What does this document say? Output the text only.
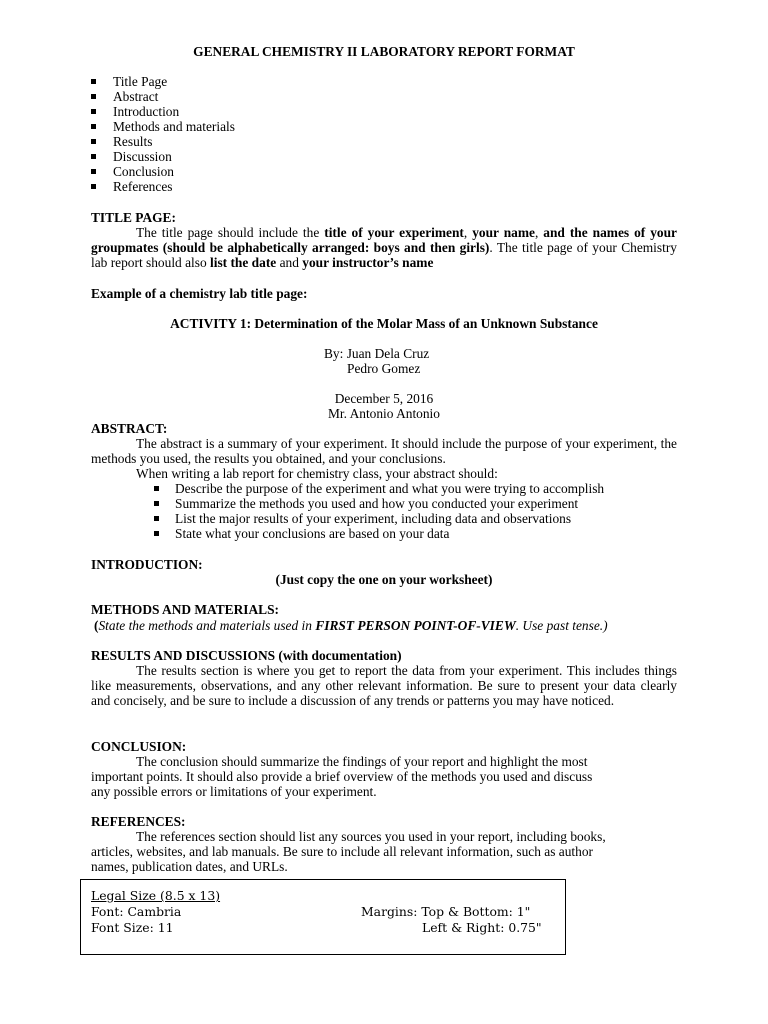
GENERAL CHEMISTRY II LABORATORY REPORT FORMAT
Title Page
Abstract
Introduction
Methods and materials
Results
Discussion
Conclusion
References
TITLE PAGE:
The title page should include the title of your experiment, your name, and the names of your groupmates (should be alphabetically arranged: boys and then girls). The title page of your Chemistry lab report should also list the date and your instructor’s name
Example of a chemistry lab title page:
ACTIVITY 1: Determination of the Molar Mass of an Unknown Substance
By: Juan Dela Cruz
Pedro Gomez
December 5, 2016
Mr. Antonio Antonio
ABSTRACT:
The abstract is a summary of your experiment. It should include the purpose of your experiment, the methods you used, the results you obtained, and your conclusions.
When writing a lab report for chemistry class, your abstract should:
Describe the purpose of the experiment and what you were trying to accomplish
Summarize the methods you used and how you conducted your experiment
List the major results of your experiment, including data and observations
State what your conclusions are based on your data
INTRODUCTION:
(Just copy the one on your worksheet)
METHODS AND MATERIALS:
(State the methods and materials used in FIRST PERSON POINT-OF-VIEW. Use past tense.)
RESULTS AND DISCUSSIONS (with documentation)
The results section is where you get to report the data from your experiment. This includes things like measurements, observations, and any other relevant information. Be sure to present your data clearly and concisely, and be sure to include a discussion of any trends or patterns you may have noticed.
CONCLUSION:
The conclusion should summarize the findings of your report and highlight the most
important points. It should also provide a brief overview of the methods you used and discuss
any possible errors or limitations of your experiment.
REFERENCES:
The references section should list any sources you used in your report, including books,
articles, websites, and lab manuals. Be sure to include all relevant information, such as author
names, publication dates, and URLs.
Legal Size (8.5 x 13)
Font: Cambria
Font Size: 11
Margins: Top & Bottom: 1"
Left & Right: 0.75"
